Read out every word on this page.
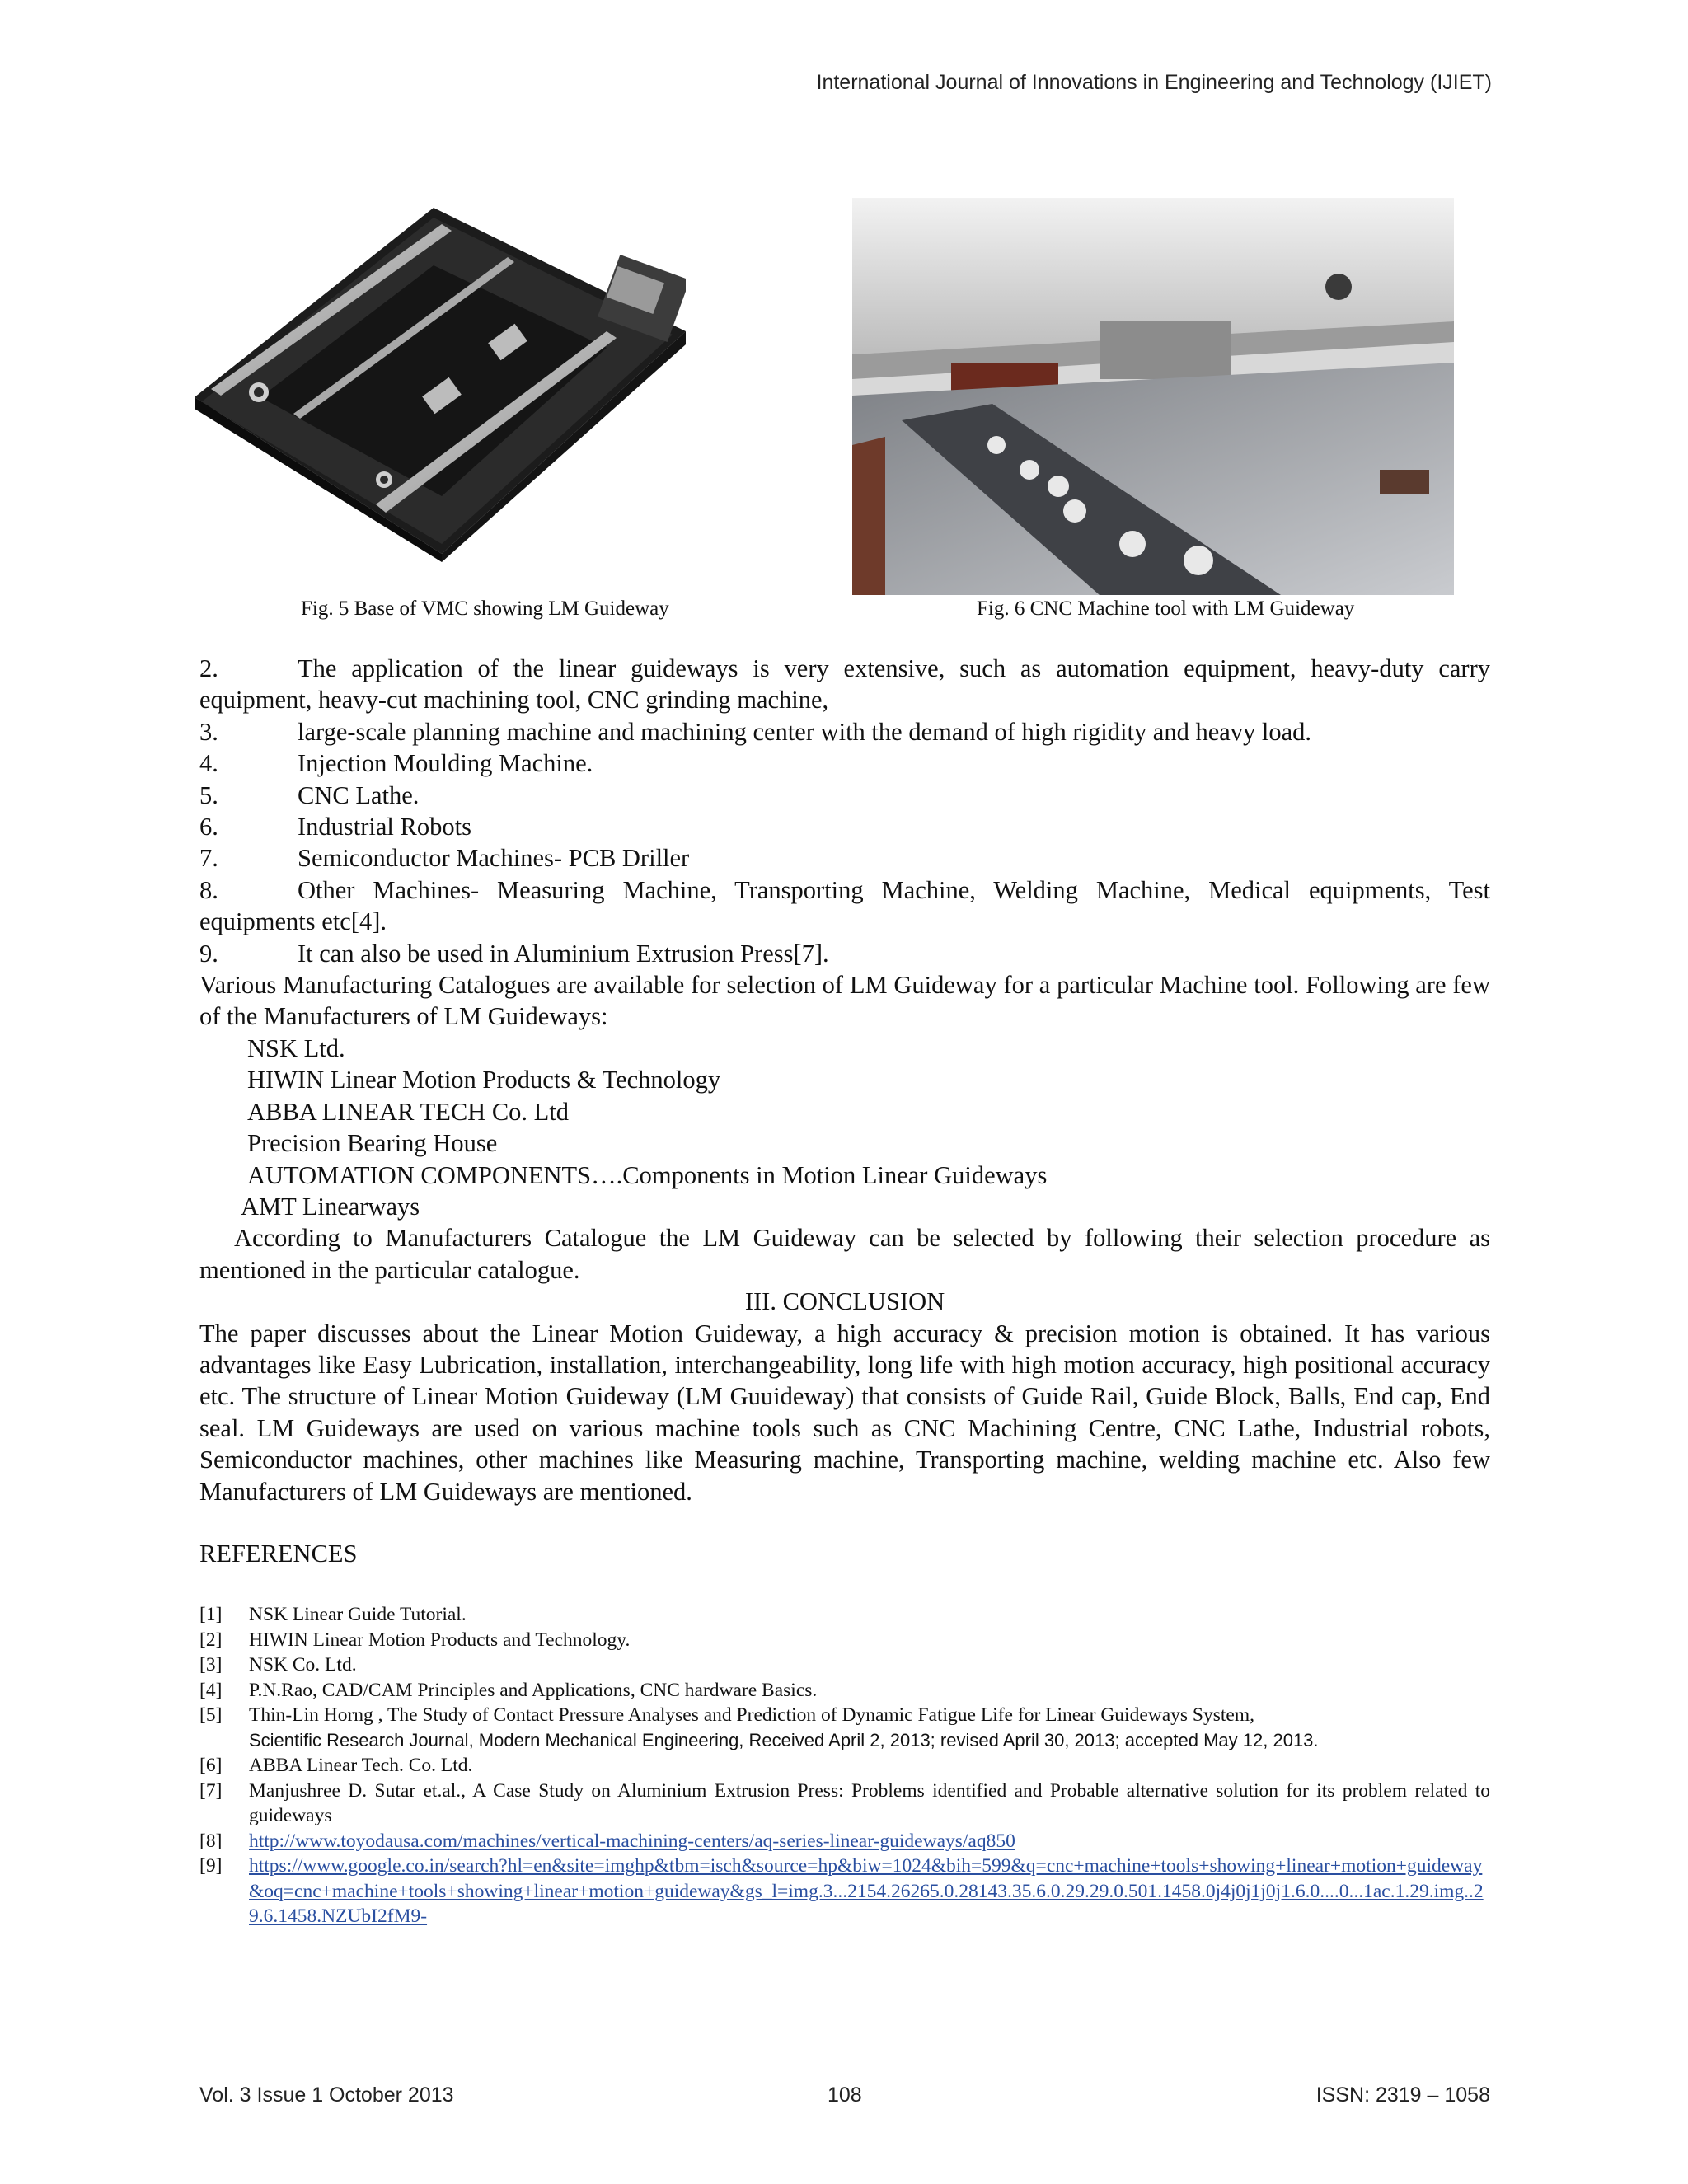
International Journal of Innovations in Engineering and Technology (IJIET)
Fig. 5 Base of VMC showing LM Guideway	Fig. 6 CNC Machine tool with LM Guideway

2.	The application of the linear guideways is very extensive, such as automation equipment, heavy-duty carry equipment, heavy-cut machining tool, CNC grinding machine,

3.	large-scale planning machine and machining center with the demand of high rigidity and heavy load.

4.	Injection Moulding Machine.

5.	CNC Lathe.

6.	Industrial Robots

7.	Semiconductor Machines- PCB Driller

8.	Other Machines- Measuring Machine, Transporting Machine, Welding Machine, Medical equipments, Test equipments etc[4].

9.	It can also be used in Aluminium Extrusion Press[7].

Various Manufacturing Catalogues are available for selection of LM Guideway for a particular Machine tool. Following are few of the Manufacturers of LM Guideways:

NSK Ltd.

HIWIN Linear Motion Products & Technology

ABBA LINEAR TECH Co. Ltd

Precision Bearing House

AUTOMATION COMPONENTS….Components in Motion Linear Guideways

AMT Linearways

According to Manufacturers Catalogue the LM Guideway can be selected by following their selection procedure as mentioned in the particular catalogue.

III. CONCLUSION

The paper discusses about the Linear Motion Guideway, a high accuracy & precision motion is obtained. It has various advantages like Easy Lubrication, installation, interchangeability, long life with high motion accuracy, high positional accuracy etc. The structure of Linear Motion Guideway (LM Guuideway) that consists of Guide Rail, Guide Block, Balls, End cap, End seal. LM Guideways are used on various machine tools such as CNC Machining Centre, CNC Lathe, Industrial robots, Semiconductor machines, other machines like Measuring machine, Transporting machine, welding machine etc. Also few Manufacturers of LM Guideways are mentioned.

REFERENCES

[1]	NSK Linear Guide Tutorial.

[2]	HIWIN Linear Motion Products and Technology.

[3]	NSK Co. Ltd.

[4]	P.N.Rao, CAD/CAM Principles and Applications, CNC hardware Basics.

[5]	Thin-Lin Horng , The Study of Contact Pressure Analyses and Prediction of Dynamic Fatigue Life for Linear Guideways System,
Scientific Research Journal, Modern Mechanical Engineering, Received April 2, 2013; revised April 30, 2013; accepted May 12, 2013.

[6]	ABBA Linear Tech. Co. Ltd.

[7]	Manjushree D. Sutar et.al., A Case Study on Aluminium Extrusion Press: Problems identified and Probable alternative solution for its problem related to guideways

[8]	http://www.toyodausa.com/machines/vertical-machining-centers/aq-series-linear-guideways/aq850

[9]	https://www.google.co.in/search?hl=en&site=imghp&tbm=isch&source=hp&biw=1024&bih=599&q=cnc+machine+tools+showing+linear+motion+guideway&oq=cnc+machine+tools+showing+linear+motion+guideway&gs_l=img.3...2154.26265.0.28143.35.6.0.29.29.0.501.1458.0j4j0j1j0j1.6.0....0...1ac.1.29.img..29.6.1458.NZUbI2fM9-

Vol. 3 Issue 1 October 2013	108	ISSN: 2319 – 1058
